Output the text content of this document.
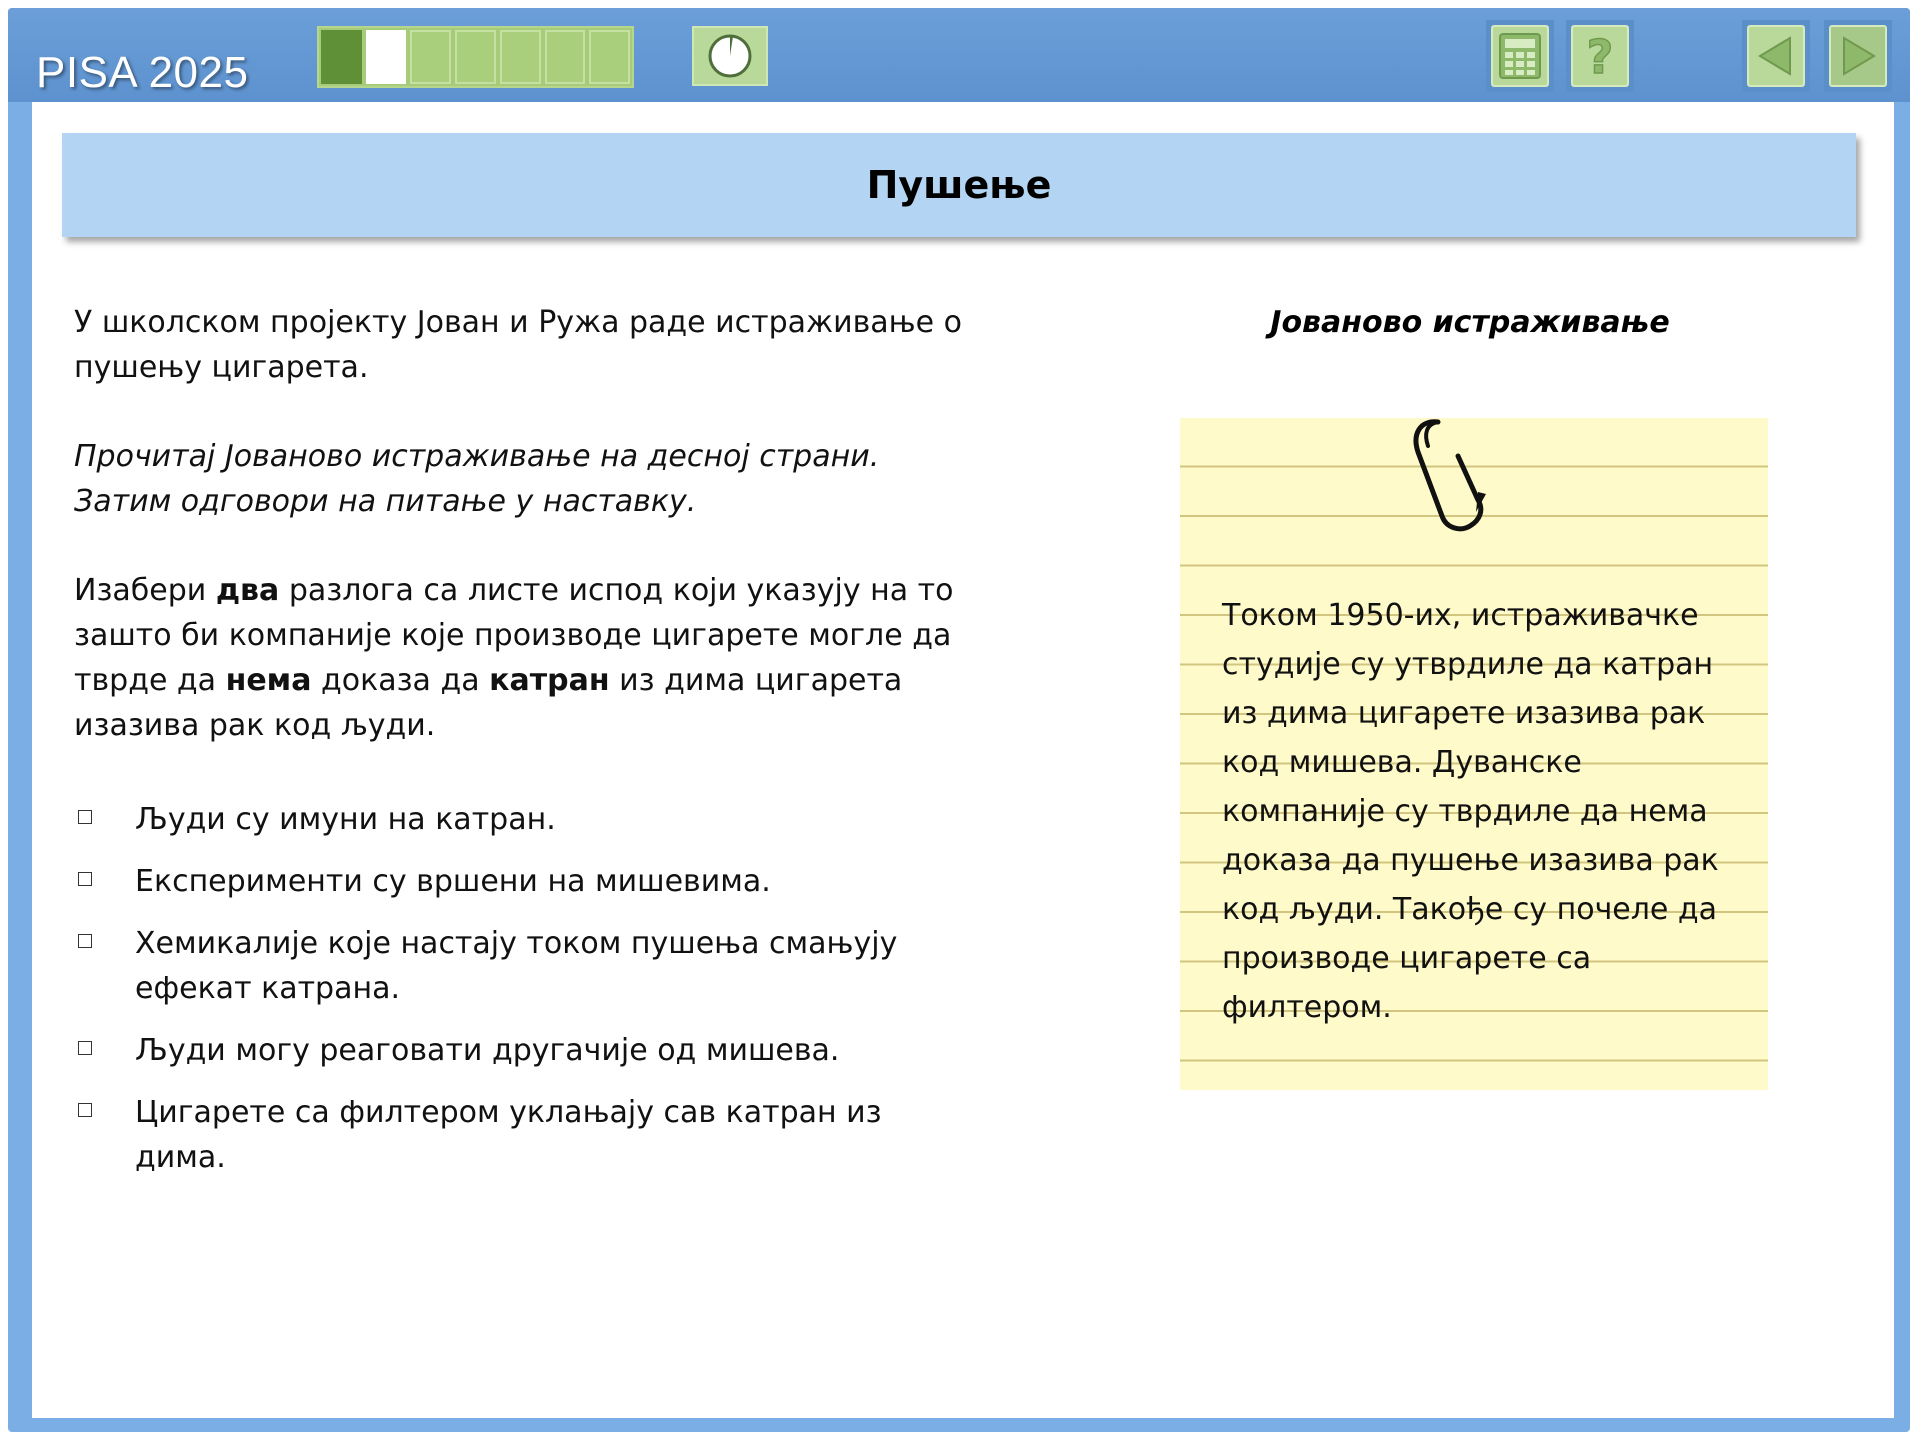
PISA 2025	?
Пушење
У школском пројекту Јован и Ружа раде истраживање о пушењу цигарета.
Прочитај Јованово истраживање на десној страни. Затим одговори на питање у наставку.
Изабери два разлога са листе испод који указују на то зашто би компаније које производе цигарете могле да тврде да нема доказа да катран из дима цигарета изазива рак код људи.
Људи су имуни на катран.
Експерименти су вршени на мишевима.
Хемикалије које настају током пушења смањују ефекат катрана.
Људи могу реаговати другачије од мишева.
Цигарете са филтером уклањају сав катран из дима.
Јованово истраживање
Током 1950-их, истраживачке студије су утврдиле да катран из дима цигарете изазива рак код мишева. Дуванске компаније су тврдиле да нема доказа да пушење изазива рак код људи. Такође су почеле да производе цигарете са филтером.
